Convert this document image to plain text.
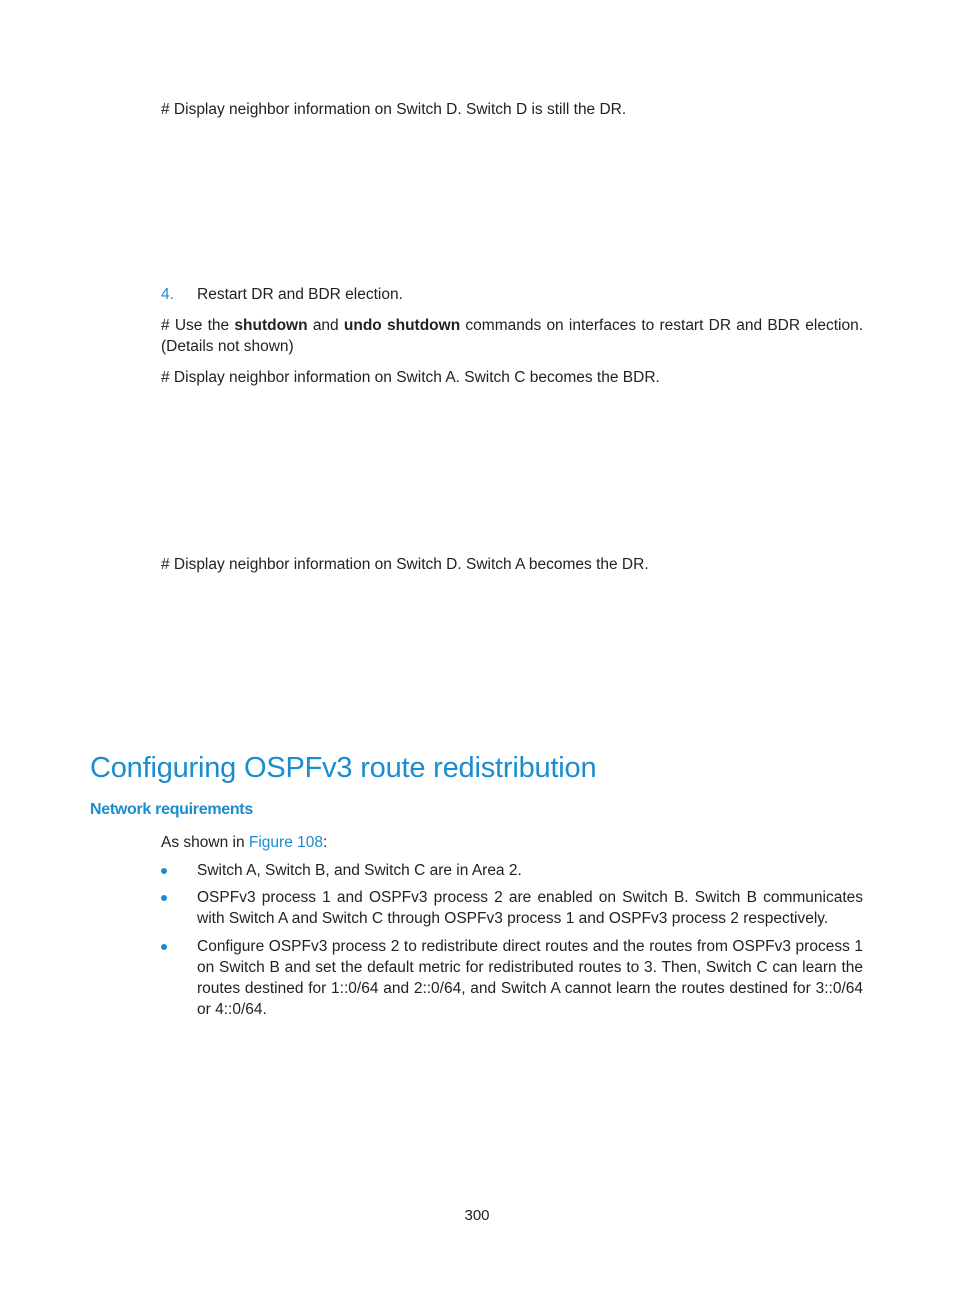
# Display neighbor information on Switch D. Switch D is still the DR.
4. Restart DR and BDR election.
# Use the shutdown and undo shutdown commands on interfaces to restart DR and BDR election. (Details not shown)
# Display neighbor information on Switch A. Switch C becomes the BDR.
# Display neighbor information on Switch D. Switch A becomes the DR.
Configuring OSPFv3 route redistribution
Network requirements
As shown in Figure 108:
Switch A, Switch B, and Switch C are in Area 2.
OSPFv3 process 1 and OSPFv3 process 2 are enabled on Switch B. Switch B communicates with Switch A and Switch C through OSPFv3 process 1 and OSPFv3 process 2 respectively.
Configure OSPFv3 process 2 to redistribute direct routes and the routes from OSPFv3 process 1 on Switch B and set the default metric for redistributed routes to 3. Then, Switch C can learn the routes destined for 1::0/64 and 2::0/64, and Switch A cannot learn the routes destined for 3::0/64 or 4::0/64.
300
